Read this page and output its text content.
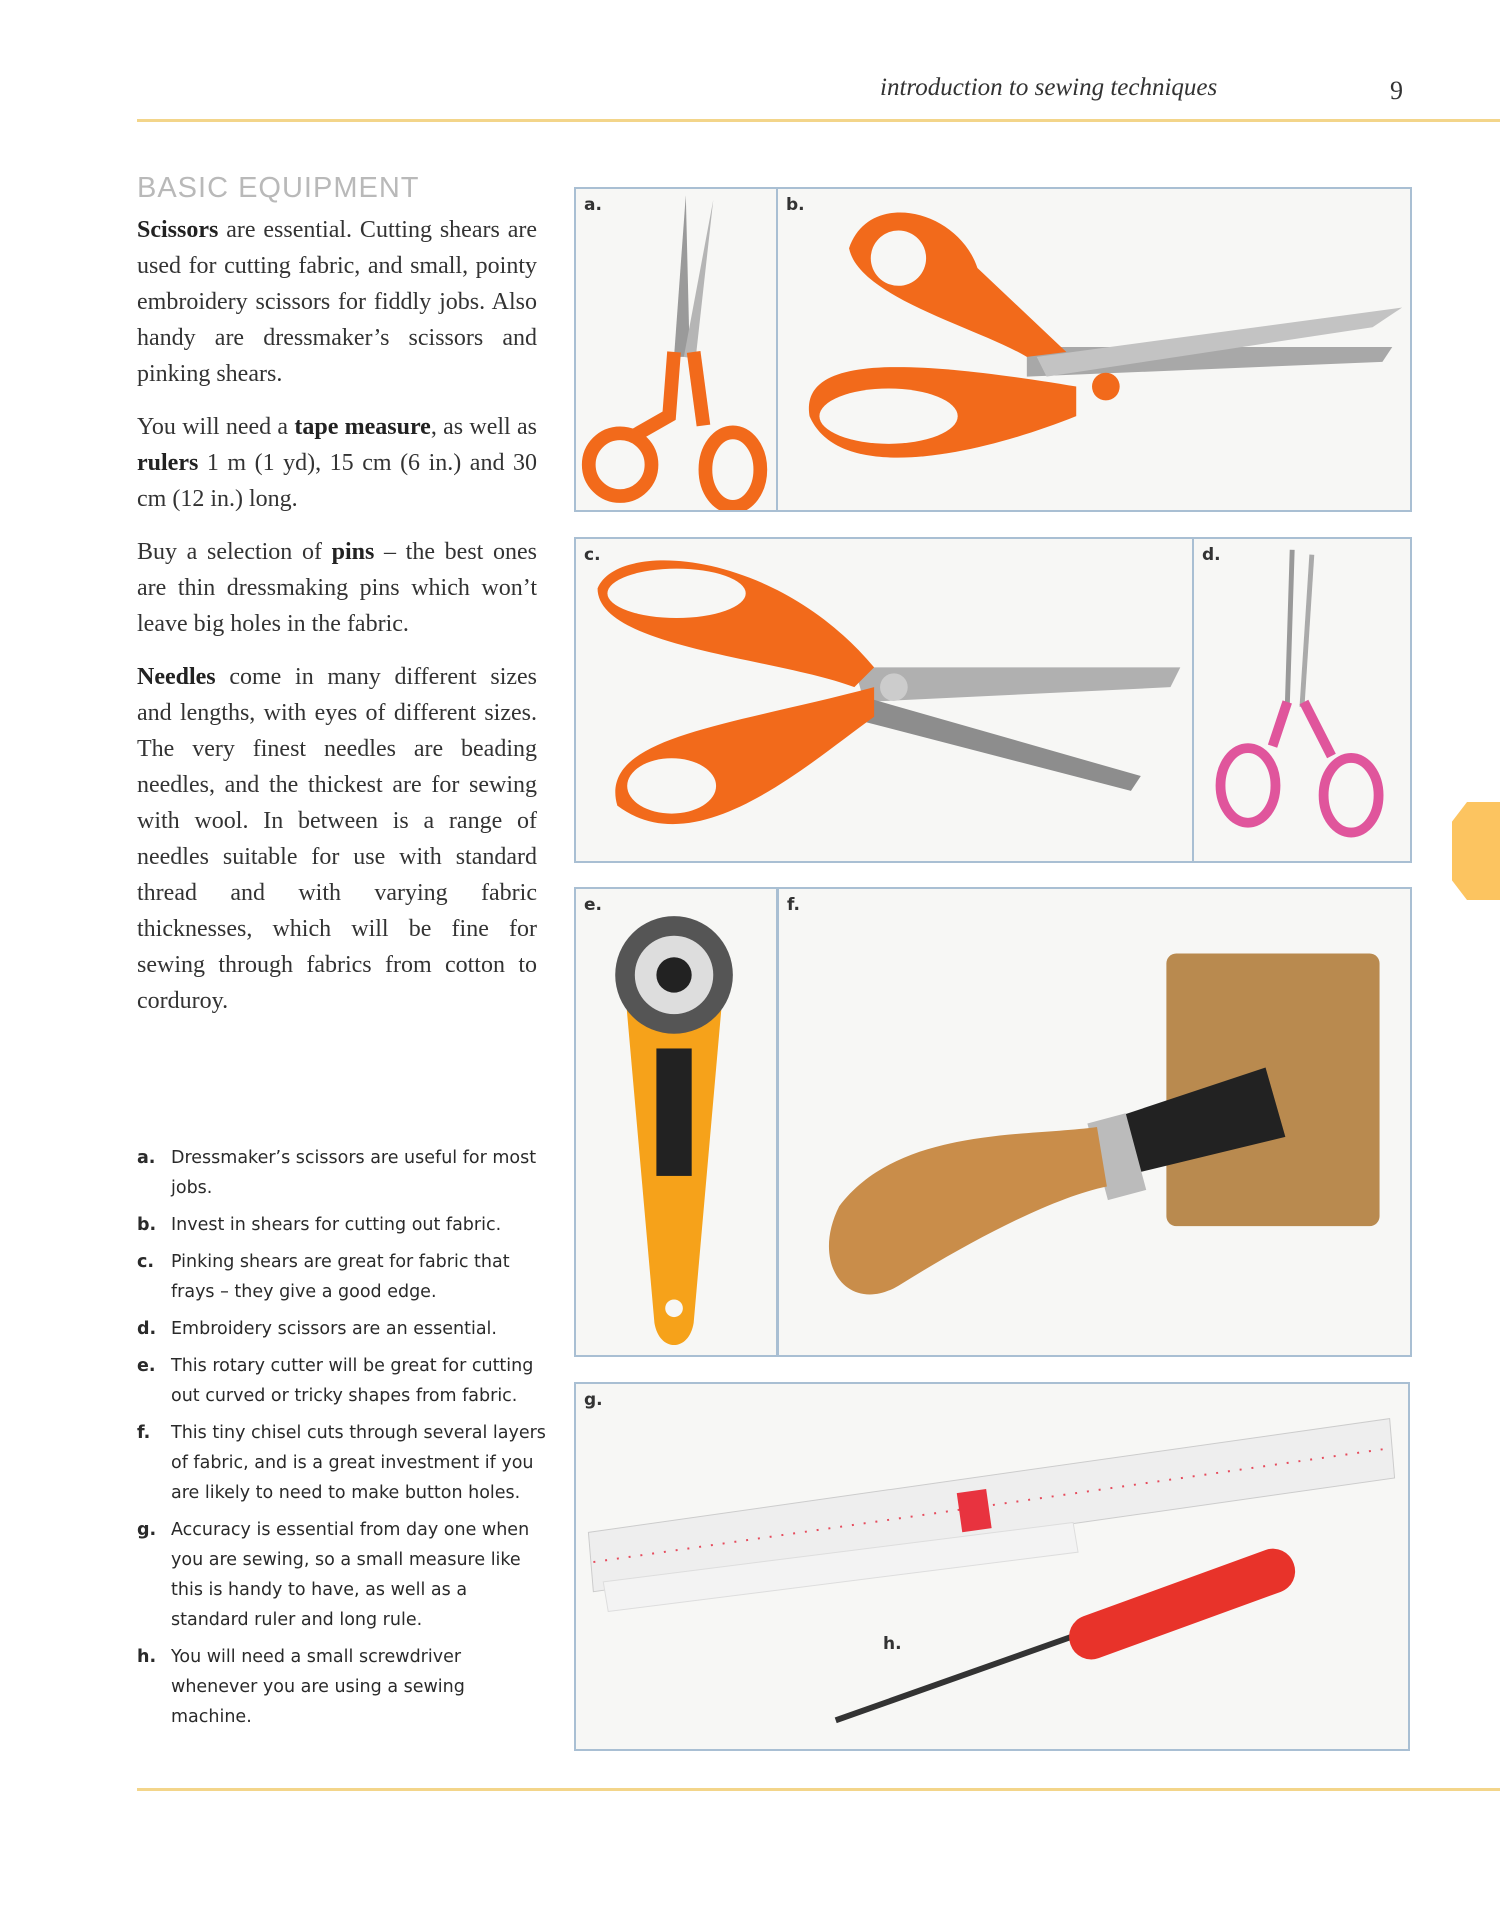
introduction to sewing techniques	9
BASIC EQUIPMENT

Scissors are essential. Cutting shears are used for cutting fabric, and small, pointy embroidery scissors for fiddly jobs. Also handy are dressmaker’s scissors and pinking shears.

You will need a tape measure, as well as rulers 1 m (1 yd), 15 cm (6 in.) and 30 cm (12 in.) long.

Buy a selection of pins – the best ones are thin dressmaking pins which won’t leave big holes in the fabric.

Needles come in many different sizes and lengths, with eyes of different sizes. The very finest needles are beading needles, and the thickest are for sewing with wool. In between is a range of needles suitable for use with standard thread and with varying fabric thicknesses, which will be fine for sewing through fabrics from cotton to corduroy.

a. Dressmaker’s scissors are useful for most jobs.
b. Invest in shears for cutting out fabric.
c. Pinking shears are great for fabric that frays – they give a good edge.
d. Embroidery scissors are an essential.
e. This rotary cutter will be great for cutting out curved or tricky shapes from fabric.
f.	This tiny chisel cuts through several layers of fabric, and is a great investment if you are likely to need to make button holes.
g. Accuracy is essential from day one when you are sewing, so a small measure like this is handy to have, as well as a standard ruler and long rule.
h. You will need a small screwdriver whenever you are using a sewing machine.
a.	b.
c.	d.
e.	f.
g.
h.
